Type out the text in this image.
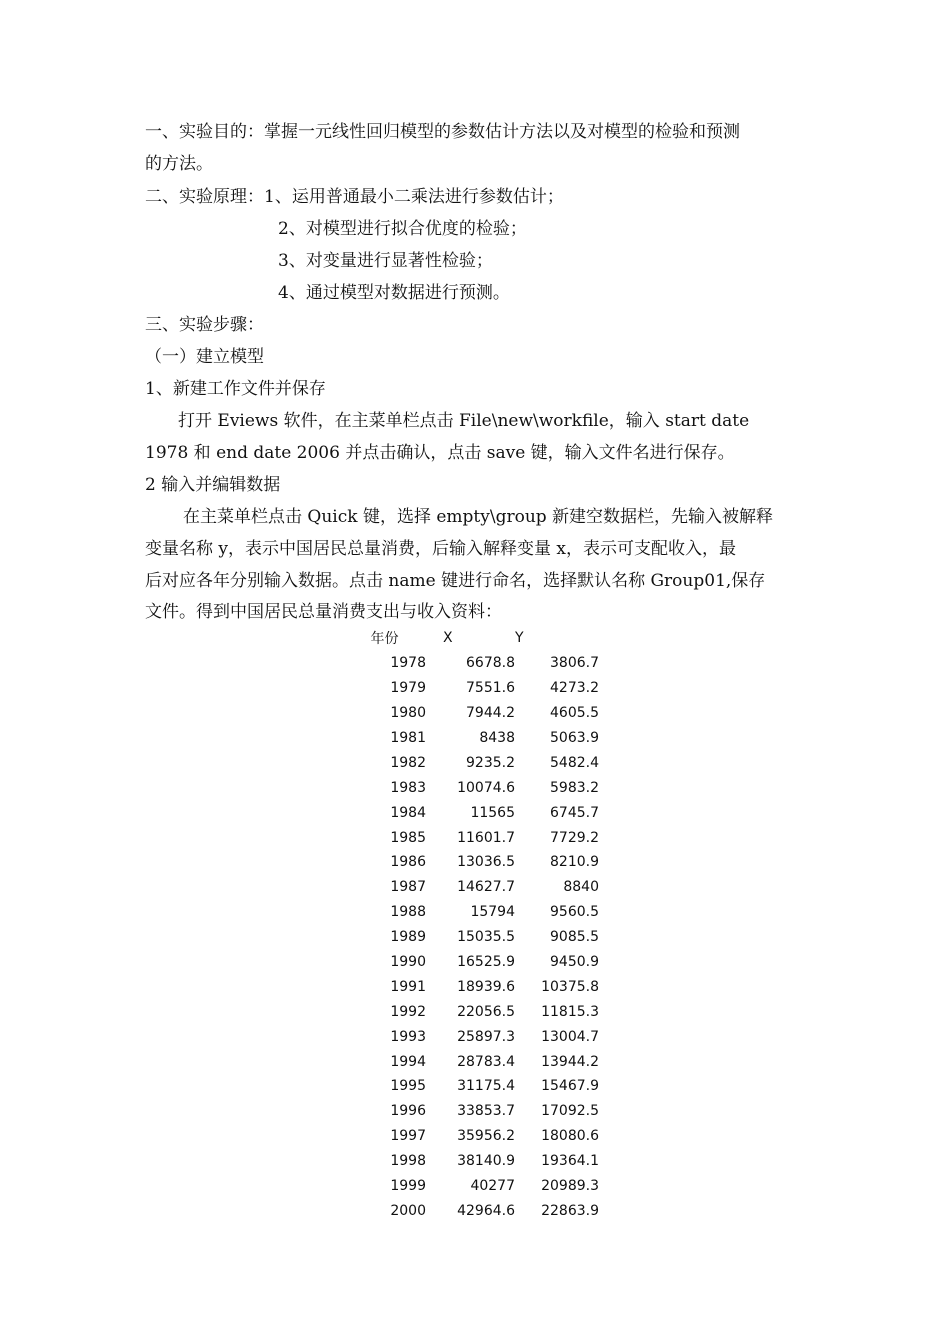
一、实验目的：掌握一元线性回归模型的参数估计方法以及对模型的检验和预测
的方法。
二、实验原理：1、运用普通最小二乘法进行参数估计；
2、对模型进行拟合优度的检验；
3、对变量进行显著性检验；
4、通过模型对数据进行预测。
三、实验步骤：
（一）建立模型
1、新建工作文件并保存
打开 Eviews 软件，在主菜单栏点击 File\new\workfile，输入 start date
1978 和 end date 2006 并点击确认，点击 save 键，输入文件名进行保存。
2 输入并编辑数据
在主菜单栏点击 Quick 键，选择 empty\group 新建空数据栏，先输入被解释
变量名称 y，表示中国居民总量消费，后输入解释变量 x，表示可支配收入，最
后对应各年分别输入数据。点击 name 键进行命名，选择默认名称 Group01,保存
文件。得到中国居民总量消费支出与收入资料：
年份	X	Y
1978	6678.8	3806.7
1979	7551.6	4273.2
1980	7944.2	4605.5
1981	8438	5063.9
1982	9235.2	5482.4
1983	10074.6	5983.2
1984	11565	6745.7
1985	11601.7	7729.2
1986	13036.5	8210.9
1987	14627.7	8840
1988	15794	9560.5
1989	15035.5	9085.5
1990	16525.9	9450.9
1991	18939.6	10375.8
1992	22056.5	11815.3
1993	25897.3	13004.7
1994	28783.4	13944.2
1995	31175.4	15467.9
1996	33853.7	17092.5
1997	35956.2	18080.6
1998	38140.9	19364.1
1999	40277	20989.3
2000	42964.6	22863.9
